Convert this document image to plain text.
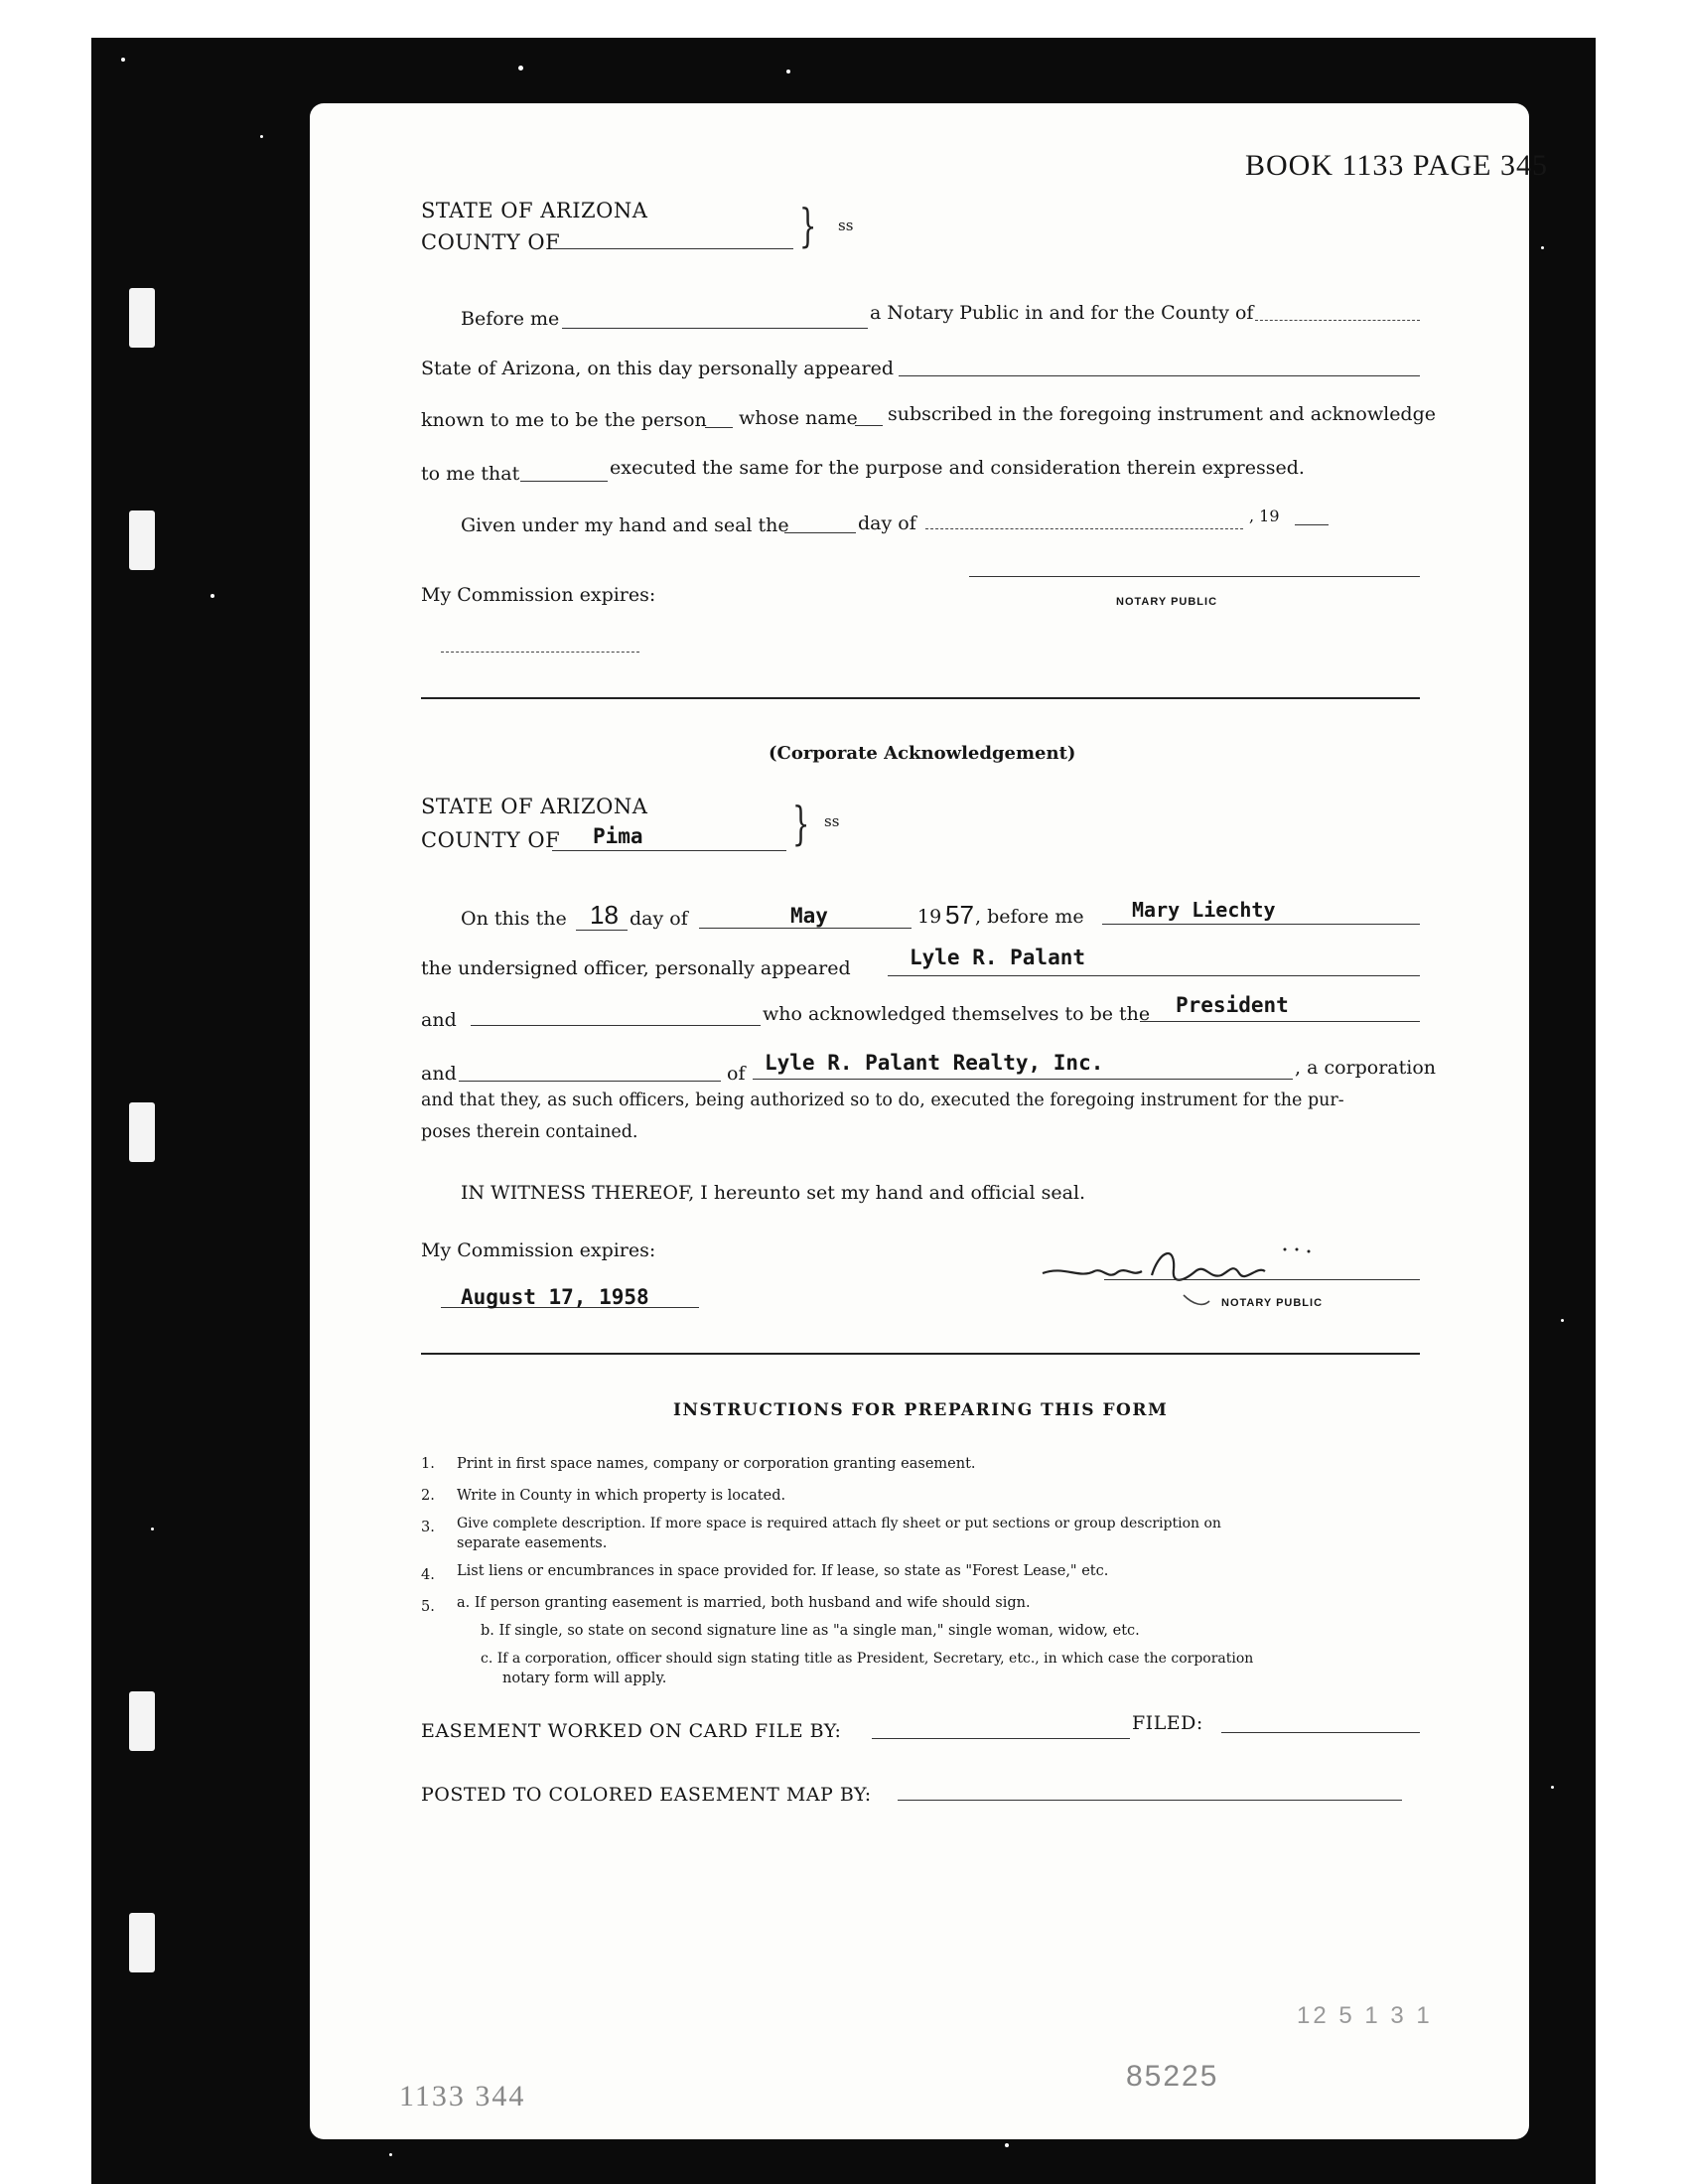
BOOK 1133 PAGE 345
STATE OF ARIZONA
COUNTY OF	} ss
Before me	a Notary Public in and for the County of
State of Arizona, on this day personally appeared
known to me to be the person whose name subscribed in the foregoing instrument and acknowledge
to me that	executed the same for the purpose and consideration therein expressed.
Given under my hand and seal the	day of	, 19
NOTARY PUBLIC
My Commission expires:
(Corporate Acknowledgement)
STATE OF ARIZONA
COUNTY OF Pima	} ss
On this the 18 day of	May	19 57 , before me Mary Liechty
the undersigned officer, personally appeared	Lyle R. Palant
and	who acknowledged themselves to be the President
and	of Lyle R. Palant Realty, Inc.	, a corporation
and that they, as such officers, being authorized so to do, executed the foregoing instrument for the pur-
poses therein contained.
IN WITNESS THEREOF, I hereunto set my hand and official seal.
My Commission expires:
August 17, 1958	NOTARY PUBLIC
INSTRUCTIONS FOR PREPARING THIS FORM
1. Print in first space names, company or corporation granting easement.
2. Write in County in which property is located.
3. Give complete description. If more space is required attach fly sheet or put sections or group description on
separate easements.
4. List liens or encumbrances in space provided for. If lease, so state as "Forest Lease," etc.
5. a. If person granting easement is married, both husband and wife should sign.
b. If single, so state on second signature line as "a single man," single woman, widow, etc.
c. If a corporation, officer should sign stating title as President, Secretary, etc., in which case the corporation
notary form will apply.
EASEMENT WORKED ON CARD FILE BY:	FILED:
POSTED TO COLORED EASEMENT MAP BY:
12 5 1 3 1
1133 344
85225
